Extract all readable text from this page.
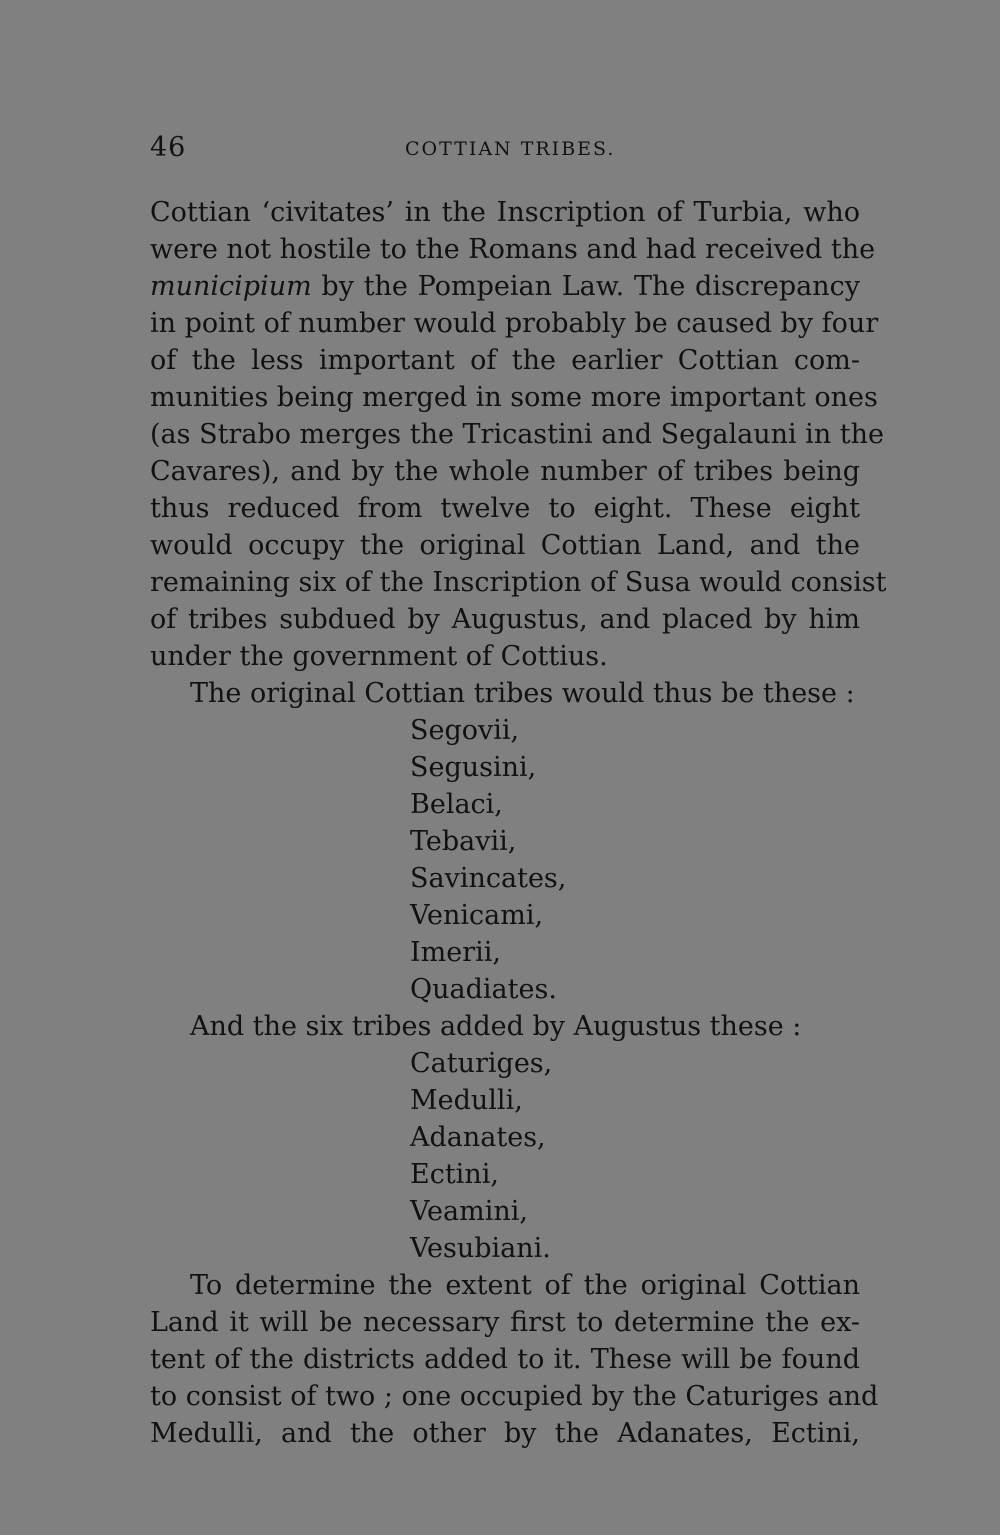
46	COTTIAN TRIBES.
Cottian ‘civitates’ in the Inscription of Turbia, who
were not hostile to the Romans and had received the
municipium by the Pompeian Law. The discrepancy
in point of number would probably be caused by four
of the less important of the earlier Cottian com-
munities being merged in some more important ones
(as Strabo merges the Tricastini and Segalauni in the
Cavares), and by the whole number of tribes being
thus reduced from twelve to eight. These eight
would occupy the original Cottian Land, and the
remaining six of the Inscription of Susa would consist
of tribes subdued by Augustus, and placed by him
under the government of Cottius.
The original Cottian tribes would thus be these :
Segovii,
Segusini,
Belaci,
Tebavii,
Savincates,
Venicami,
Imerii,
Quadiates.
And the six tribes added by Augustus these :
Caturiges,
Medulli,
Adanates,
Ectini,
Veamini,
Vesubiani.
To determine the extent of the original Cottian
Land it will be necessary first to determine the ex-
tent of the districts added to it. These will be found
to consist of two ; one occupied by the Caturiges and
Medulli, and the other by the Adanates, Ectini,
